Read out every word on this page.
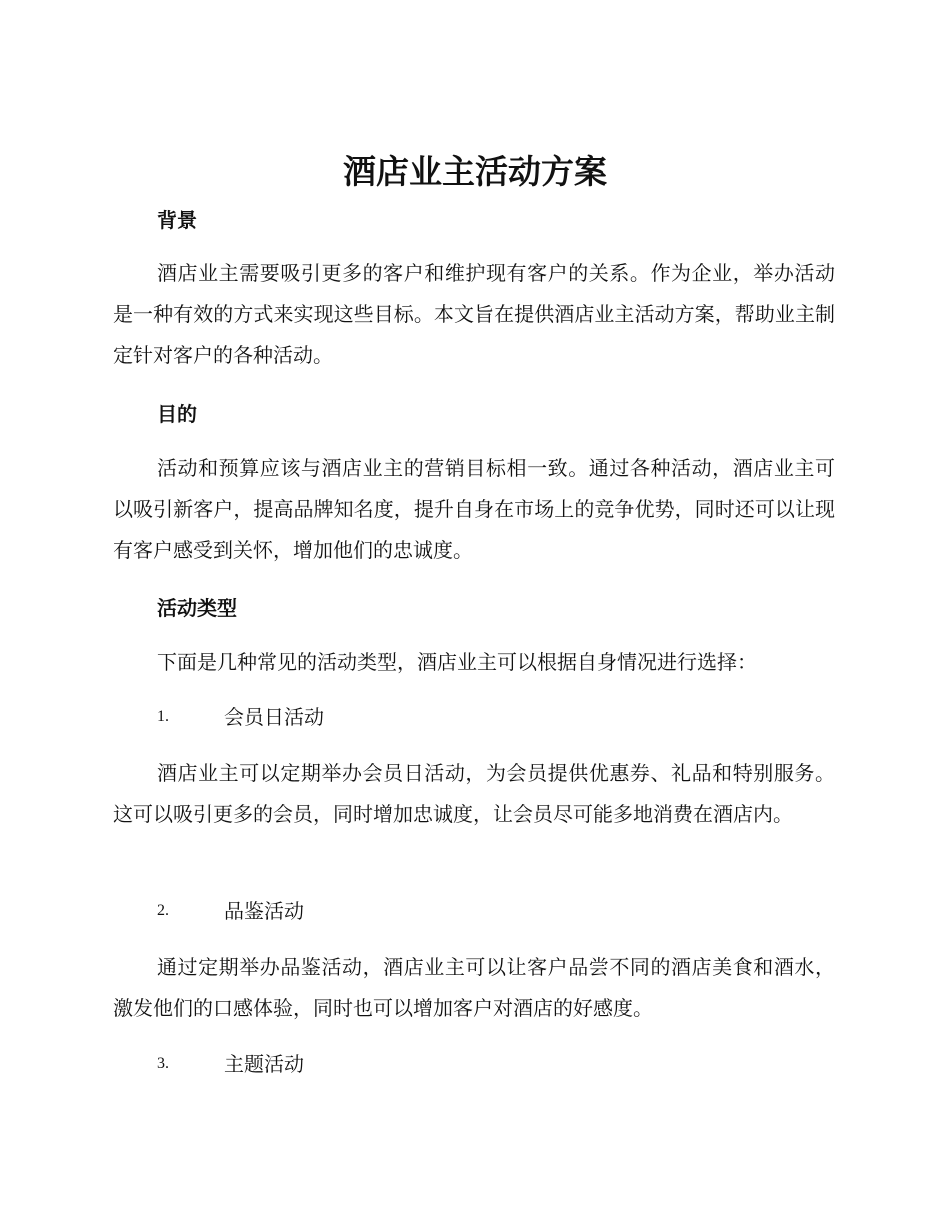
酒店业主活动方案
背景
酒店业主需要吸引更多的客户和维护现有客户的关系。作为企业，举办活动是一种有效的方式来实现这些目标。本文旨在提供酒店业主活动方案，帮助业主制定针对客户的各种活动。
目的
活动和预算应该与酒店业主的营销目标相一致。通过各种活动，酒店业主可以吸引新客户，提高品牌知名度，提升自身在市场上的竞争优势，同时还可以让现有客户感受到关怀，增加他们的忠诚度。
活动类型
下面是几种常见的活动类型，酒店业主可以根据自身情况进行选择：
1.	会员日活动
酒店业主可以定期举办会员日活动，为会员提供优惠券、礼品和特别服务。这可以吸引更多的会员，同时增加忠诚度，让会员尽可能多地消费在酒店内。
2.	品鉴活动
通过定期举办品鉴活动，酒店业主可以让客户品尝不同的酒店美食和酒水，激发他们的口感体验，同时也可以增加客户对酒店的好感度。
3.	主题活动
